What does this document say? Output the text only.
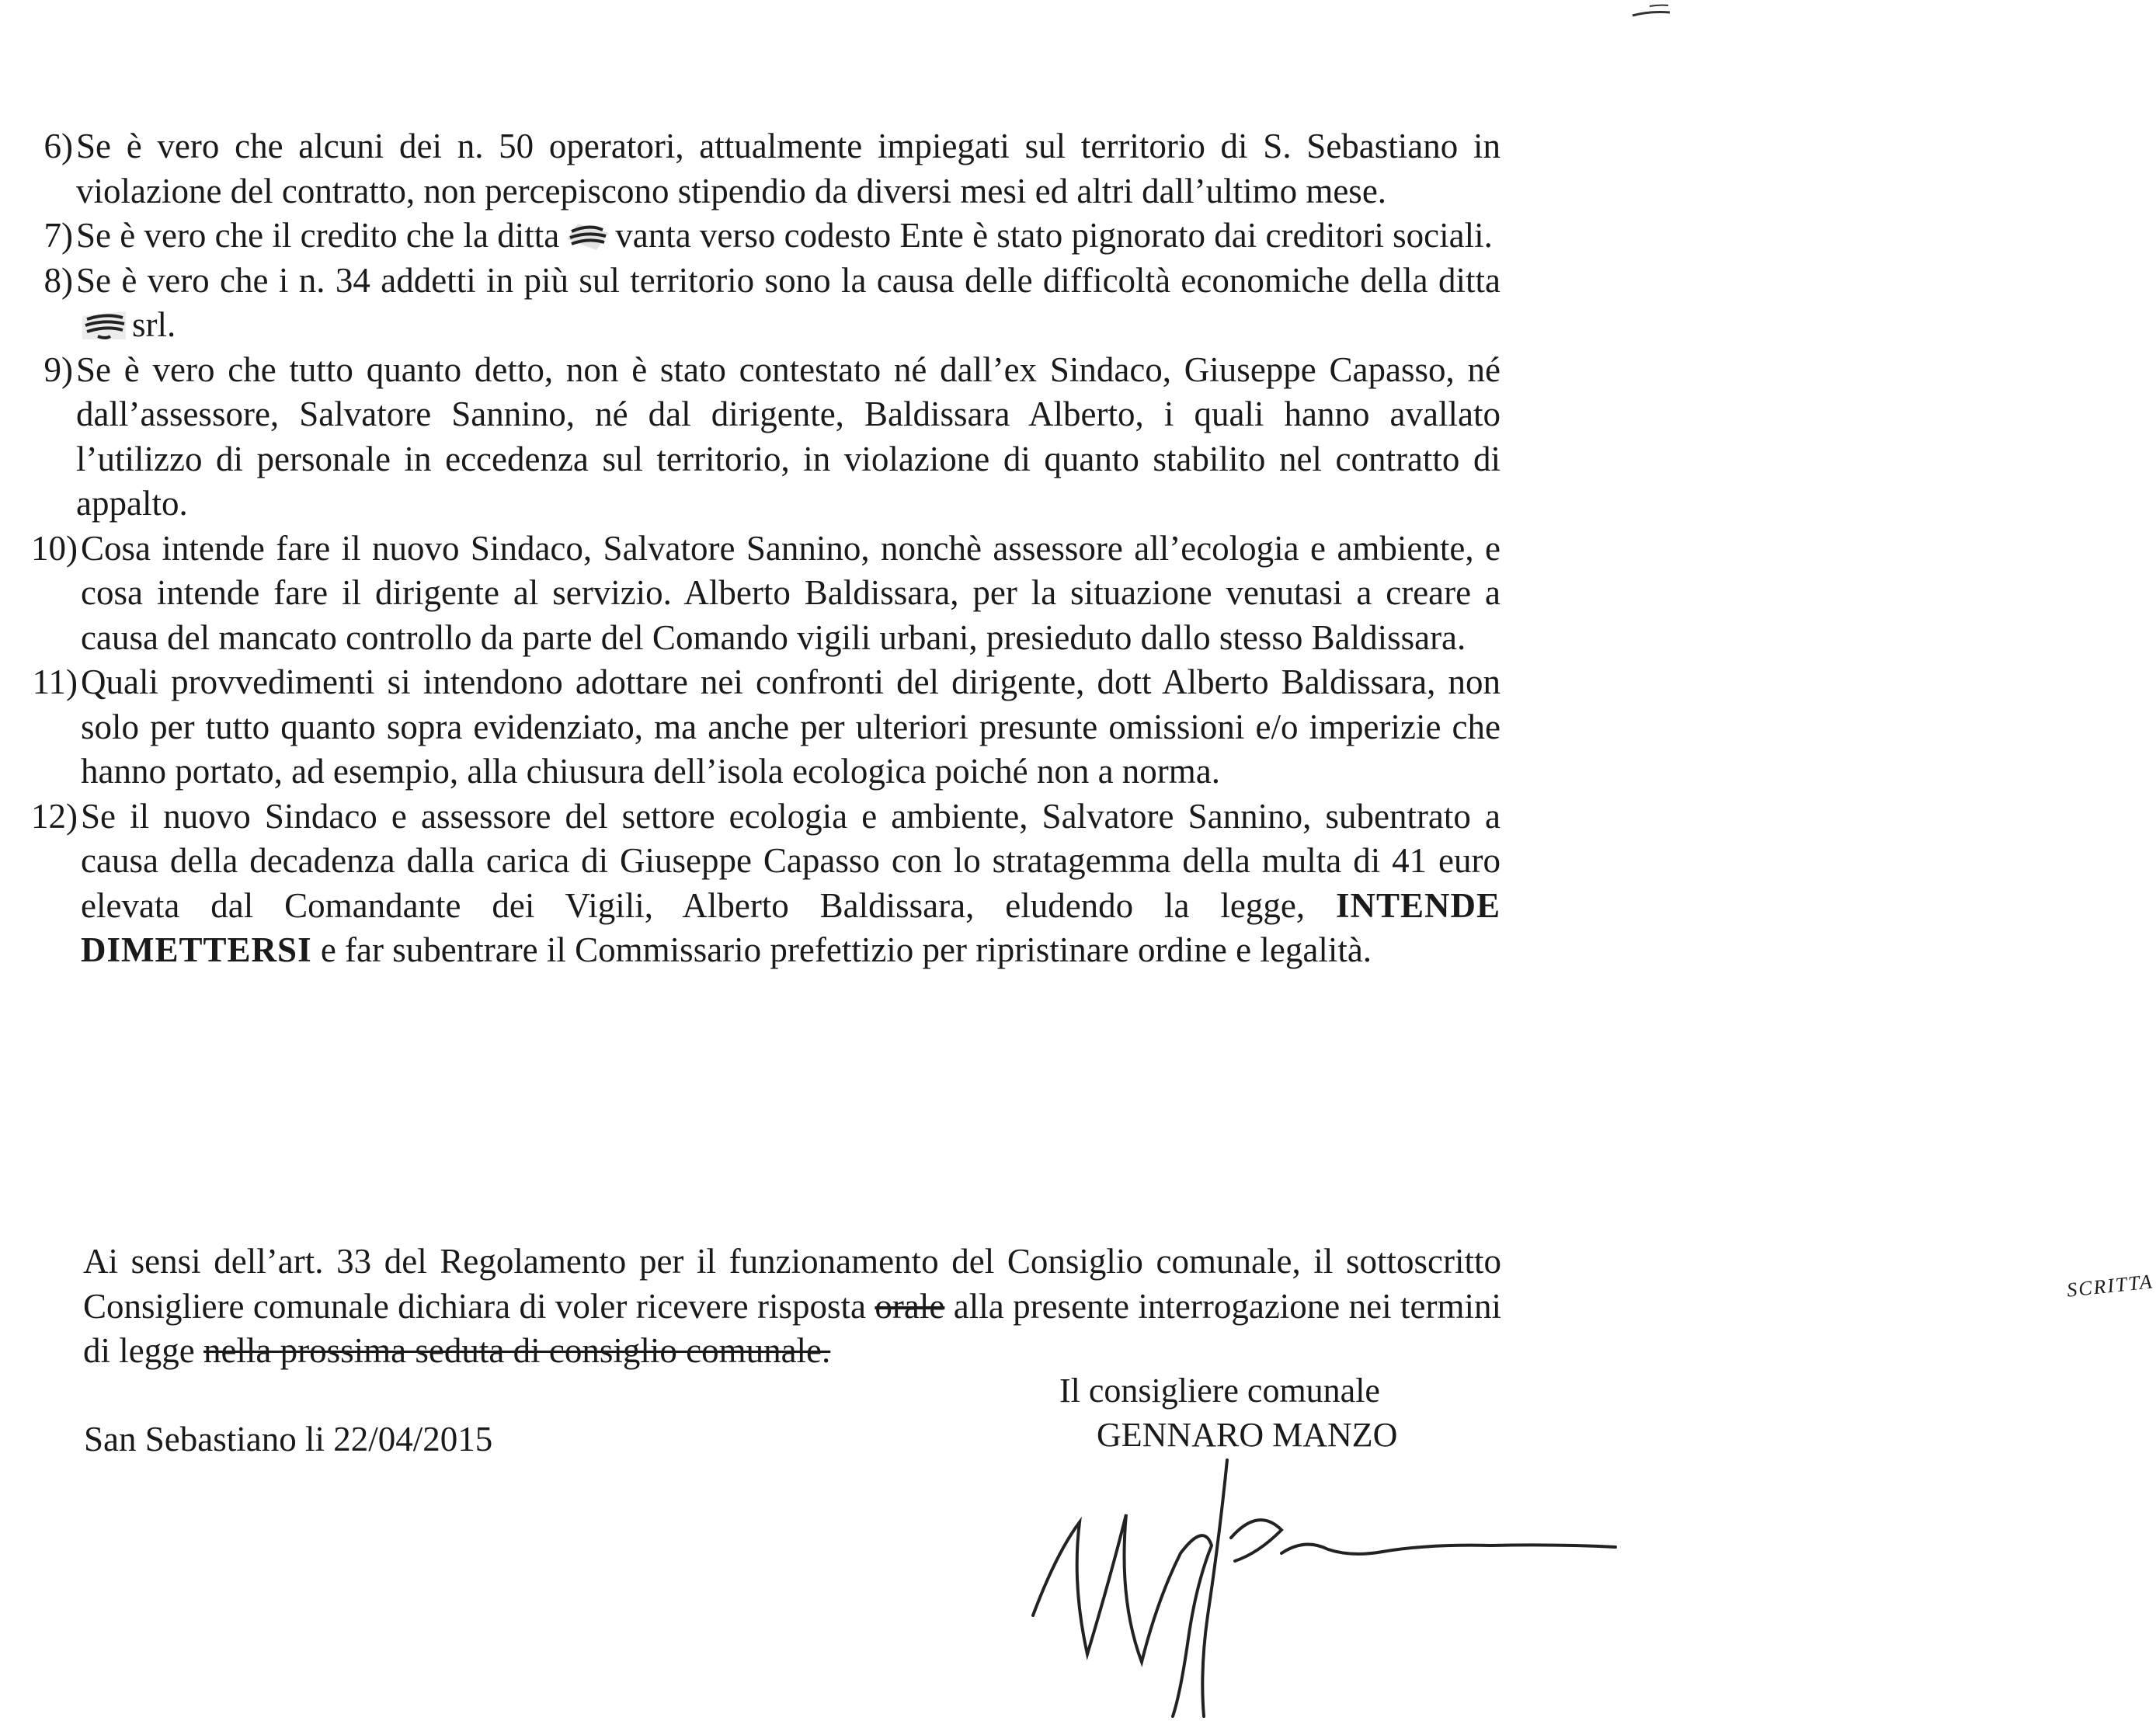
6) Se è vero che alcuni dei n. 50 operatori, attualmente impiegati sul territorio di S. Sebastiano in violazione del contratto, non percepiscono stipendio da diversi mesi ed altri dall’ultimo mese.
7) Se è vero che il credito che la ditta vanta verso codesto Ente è stato pignorato dai creditori sociali.
8) Se è vero che i n. 34 addetti in più sul territorio sono la causa delle difficoltà economiche della dittasrl.
9) Se è vero che tutto quanto detto, non è stato contestato né dall’ex Sindaco, Giuseppe Capasso, né dall’assessore, Salvatore Sannino, né dal dirigente, Baldissara Alberto, i quali hanno avallato l’utilizzo di personale in eccedenza sul territorio, in violazione di quanto stabilito nel contratto di appalto.
10) Cosa intende fare il nuovo Sindaco, Salvatore Sannino, nonchè assessore all’ecologia e ambiente, e cosa intende fare il dirigente al servizio. Alberto Baldissara, per la situazione venutasi a creare a causa del mancato controllo da parte del Comando vigili urbani, presieduto dallo stesso Baldissara.
11) Quali provvedimenti si intendono adottare nei confronti del dirigente, dott Alberto Baldissara, non solo per tutto quanto sopra evidenziato, ma anche per ulteriori presunte omissioni e/o imperizie che hanno portato, ad esempio, alla chiusura dell’isola ecologica poiché non a norma.
12) Se il nuovo Sindaco e assessore del settore ecologia e ambiente, Salvatore Sannino, subentrato a causa della decadenza dalla carica di Giuseppe Capasso con lo stratagemma della multa di 41 euro elevata dal Comandante dei Vigili, Alberto Baldissara, eludendo la legge, INTENDE DIMETTERSI e far subentrare il Commissario prefettizio per ripristinare ordine e legalità.
Ai sensi dell’art. 33 del Regolamento per il funzionamento del Consiglio comunale, il sottoscritto Consigliere comunale dichiara di voler ricevere risposta orale
SCRITTA
alla presente interrogazione nei termini di legge nella prossima seduta di consiglio comunale.
Il consigliere comunale
GENNARO MANZO
San Sebastiano li 22/04/2015
